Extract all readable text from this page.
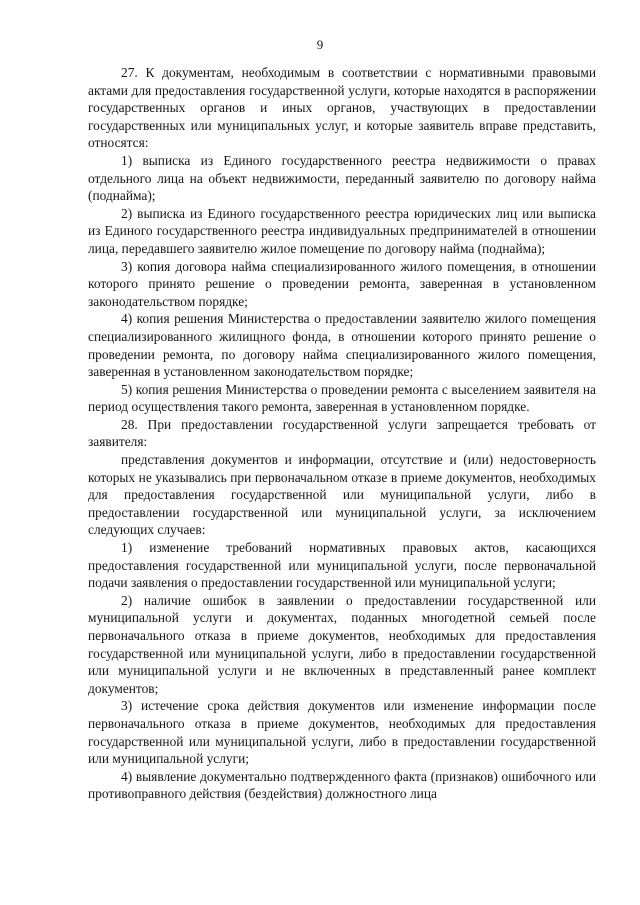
9

27. К документам, необходимым в соответствии с нормативными правовыми актами для предоставления государственной услуги, которые находятся в распоряжении государственных органов и иных органов, участвующих в предоставлении государственных или муниципальных услуг, и которые заявитель вправе представить, относятся:

1) выписка из Единого государственного реестра недвижимости о правах отдельного лица на объект недвижимости, переданный заявителю по договору найма (поднайма);

2) выписка из Единого государственного реестра юридических лиц или выписка из Единого государственного реестра индивидуальных предпринимателей в отношении лица, передавшего заявителю жилое помещение по договору найма (поднайма);

3) копия договора найма специализированного жилого помещения, в отношении которого принято решение о проведении ремонта, заверенная в установленном законодательством порядке;

4) копия решения Министерства о предоставлении заявителю жилого помещения специализированного жилищного фонда, в отношении которого принято решение о проведении ремонта, по договору найма специализированного жилого помещения, заверенная в установленном законодательством порядке;

5) копия решения Министерства о проведении ремонта с выселением заявителя на период осуществления такого ремонта, заверенная в установленном порядке.

28. При предоставлении государственной услуги запрещается требовать от заявителя:

представления документов и информации, отсутствие и (или) недостоверность которых не указывались при первоначальном отказе в приеме документов, необходимых для предоставления государственной или муниципальной услуги, либо в предоставлении государственной или муниципальной услуги, за исключением следующих случаев:

1) изменение требований нормативных правовых актов, касающихся предоставления государственной или муниципальной услуги, после первоначальной подачи заявления о предоставлении государственной или муниципальной услуги;

2) наличие ошибок в заявлении о предоставлении государственной или муниципальной услуги и документах, поданных многодетной семьей после первоначального отказа в приеме документов, необходимых для предоставления государственной или муниципальной услуги, либо в предоставлении государственной или муниципальной услуги и не включенных в представленный ранее комплект документов;

3) истечение срока действия документов или изменение информации после первоначального отказа в приеме документов, необходимых для предоставления государственной или муниципальной услуги, либо в предоставлении государственной или муниципальной услуги;

4) выявление документально подтвержденного факта (признаков) ошибочного или противоправного действия (бездействия) должностного лица
